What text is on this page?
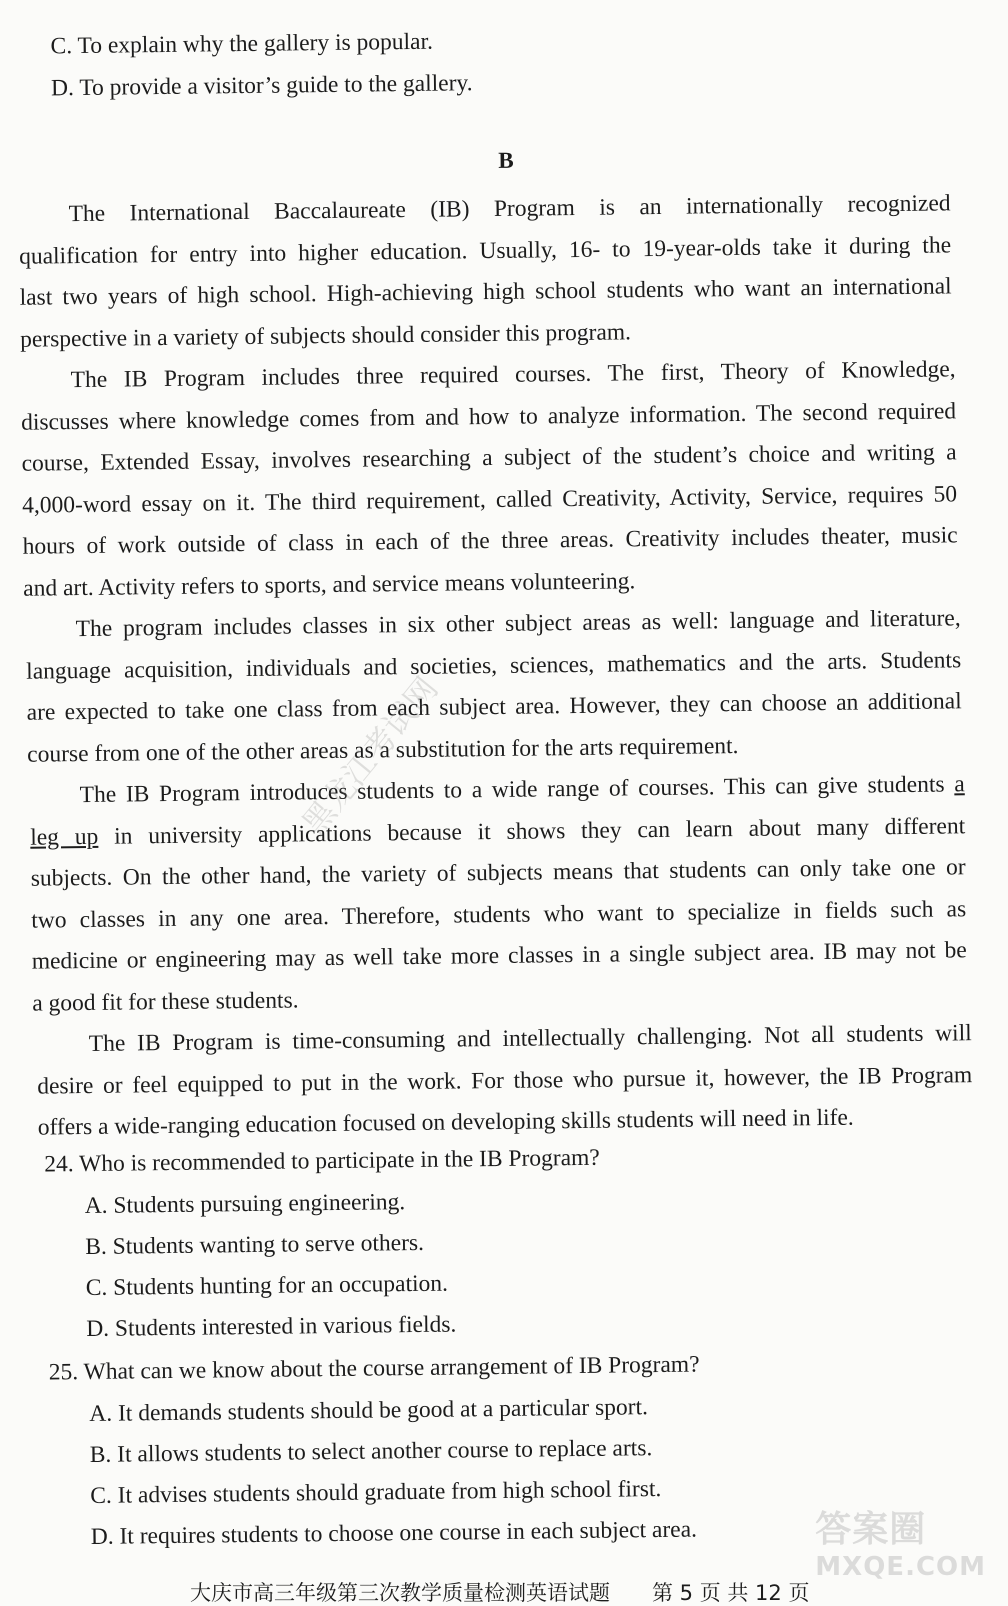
C. To explain why the gallery is popular.
D. To provide a visitor’s guide to the gallery.
B
The International Baccalaureate (IB) Program is an internationally recognized
qualification for entry into higher education. Usually, 16- to 19-year-olds take it during the
last two years of high school. High-achieving high school students who want an international
perspective in a variety of subjects should consider this program.
The IB Program includes three required courses. The first, Theory of Knowledge,
discusses where knowledge comes from and how to analyze information. The second required
course, Extended Essay, involves researching a subject of the student’s choice and writing a
4,000-word essay on it. The third requirement, called Creativity, Activity, Service, requires 50
hours of work outside of class in each of the three areas. Creativity includes theater, music
and art. Activity refers to sports, and service means volunteering.
The program includes classes in six other subject areas as well: language and literature,
language acquisition, individuals and societies, sciences, mathematics and the arts. Students
are expected to take one class from each subject area. However, they can choose an additional
course from one of the other areas as a substitution for the arts requirement.
The IB Program introduces students to a wide range of courses. This can give students a
leg up in university applications because it shows they can learn about many different
subjects. On the other hand, the variety of subjects means that students can only take one or
two classes in any one area. Therefore, students who want to specialize in fields such as
medicine or engineering may as well take more classes in a single subject area. IB may not be
a good fit for these students.
The IB Program is time-consuming and intellectually challenging. Not all students will
desire or feel equipped to put in the work. For those who pursue it, however, the IB Program
offers a wide-ranging education focused on developing skills students will need in life.
24. Who is recommended to participate in the IB Program?
A. Students pursuing engineering.
B. Students wanting to serve others.
C. Students hunting for an occupation.
D. Students interested in various fields.
25. What can we know about the course arrangement of IB Program?
A. It demands students should be good at a particular sport.
B. It allows students to select another course to replace arts.
C. It advises students should graduate from high school first.
D. It requires students to choose one course in each subject area.
黑龙江考试网
大庆市高三年级第三次教学质量检测英语试题　　第 5 页 共 12 页
答案圈
MXQE.COM
